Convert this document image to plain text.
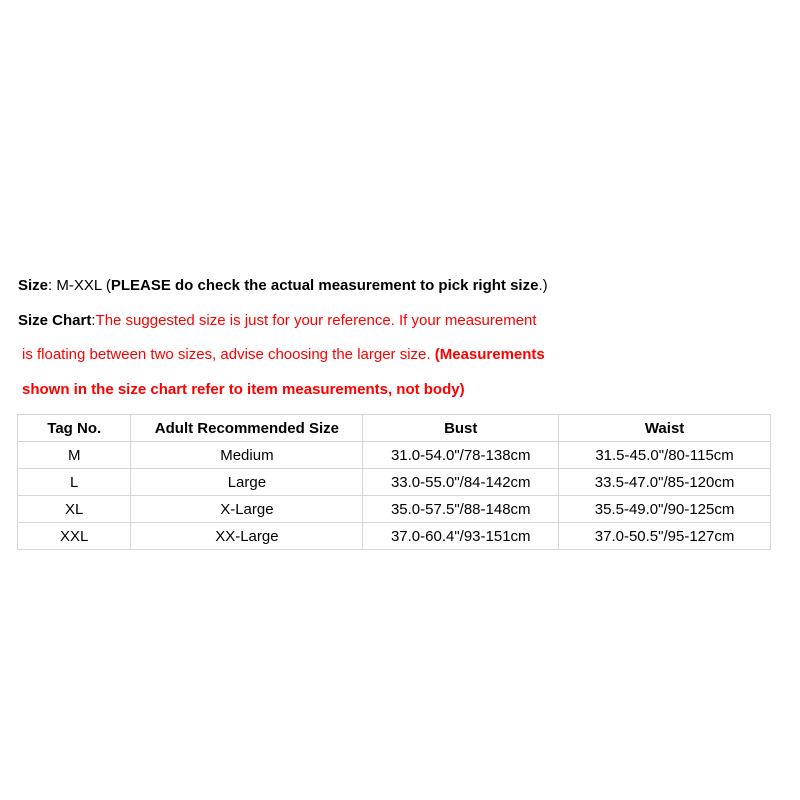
Size: M-XXL (PLEASE do check the actual measurement to pick right size.)
Size Chart:The suggested size is just for your reference. If your measurement
is floating between two sizes, advise choosing the larger size. (Measurements
shown in the size chart refer to item measurements, not body)
Tag No.	Adult Recommended Size	Bust	Waist
M	Medium	31.0-54.0"/78-138cm	31.5-45.0"/80-115cm
L	Large	33.0-55.0"/84-142cm	33.5-47.0"/85-120cm
XL	X-Large	35.0-57.5"/88-148cm	35.5-49.0"/90-125cm
XXL	XX-Large	37.0-60.4"/93-151cm	37.0-50.5"/95-127cm
